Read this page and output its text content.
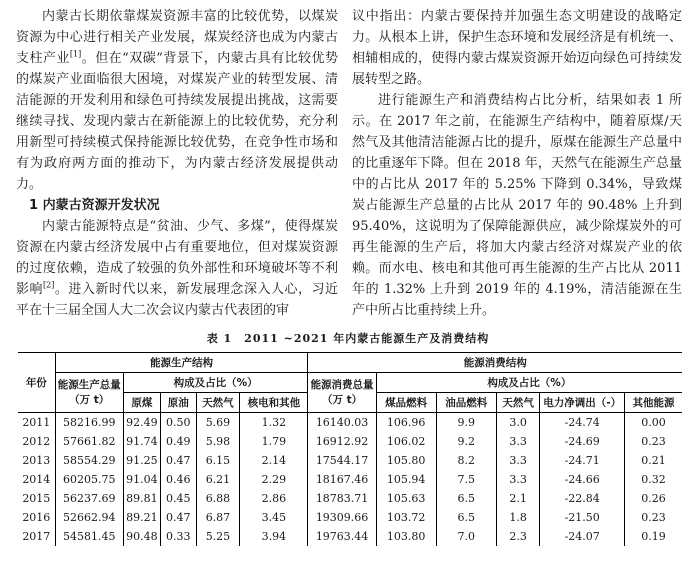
内蒙古长期依靠煤炭资源丰富的比较优势，以煤炭资源为中心进行相关产业发展，煤炭经济也成为内蒙古支柱产业[1]。但在“双碳”背景下，内蒙古具有比较优势的煤炭产业面临很大困境，对煤炭产业的转型发展、清洁能源的开发利用和绿色可持续发展提出挑战，这需要继续寻找、发现内蒙古在新能源上的比较优势，充分利用新型可持续模式保持能源比较优势，在竞争性市场和有为政府两方面的推动下，为内蒙古经济发展提供动力。

1 内蒙古资源开发状况

内蒙古能源特点是“贫油、少气、多煤”，使得煤炭资源在内蒙古经济发展中占有重要地位，但对煤炭资源的过度依赖，造成了较强的负外部性和环境破坏等不利影响[2]。进入新时代以来，新发展理念深入人心，习近平在十三届全国人大二次会议内蒙古代表团的审

议中指出：内蒙古要保持并加强生态文明建设的战略定力。从根本上讲，保护生态环境和发展经济是有机统一、相辅相成的，使得内蒙古煤炭资源开始迈向绿色可持续发展转型之路。

进行能源生产和消费结构占比分析，结果如表 1 所示。在 2017 年之前，在能源生产结构中，随着原煤/天然气及其他清洁能源占比的提升，原煤在能源生产总量中的比重逐年下降。但在 2018 年，天然气在能源生产总量中的占比从 2017 年的 5.25% 下降到 0.34%，导致煤炭占能源生产总量的占比从 2017 年的 90.48% 上升到 95.40%，这说明为了保障能源供应，减少除煤炭外的可再生能源的生产后，将加大内蒙古经济对煤炭产业的依赖。而水电、核电和其他可再生能源的生产占比从 2011 年的 1.32% 上升到 2019 年的 4.19%，清洁能源在生产中所占比重持续上升。

表 1　2011 ~2021 年内蒙古能源生产及消费结构
年份	能源生产结构					能源消费结构					
	能源生产总量（万 t）	构成及占比（%）				能源消费总量（万 t）	构成及占比（%）				
		原煤	原油	天然气	核电和其他		煤品燃料	油品燃料	天然气	电力净调出（-）	其他能源
2011	58216.99	92.49	0.50	5.69	1.32	16140.03	106.96	9.9	3.0	-24.74	0.00
2012	57661.82	91.74	0.49	5.98	1.79	16912.92	106.02	9.2	3.3	-24.69	0.23
2013	58554.29	91.25	0.47	6.15	2.14	17544.17	105.80	8.2	3.3	-24.71	0.21
2014	60205.75	91.04	0.46	6.21	2.29	18167.46	105.94	7.5	3.3	-24.66	0.32
2015	56237.69	89.81	0.45	6.88	2.86	18783.71	105.63	6.5	2.1	-22.84	0.26
2016	52662.94	89.21	0.47	6.87	3.45	19309.66	103.72	6.5	1.8	-21.50	0.23
2017	54581.45	90.48	0.33	5.25	3.94	19763.44	103.80	7.0	2.3	-24.07	0.19
